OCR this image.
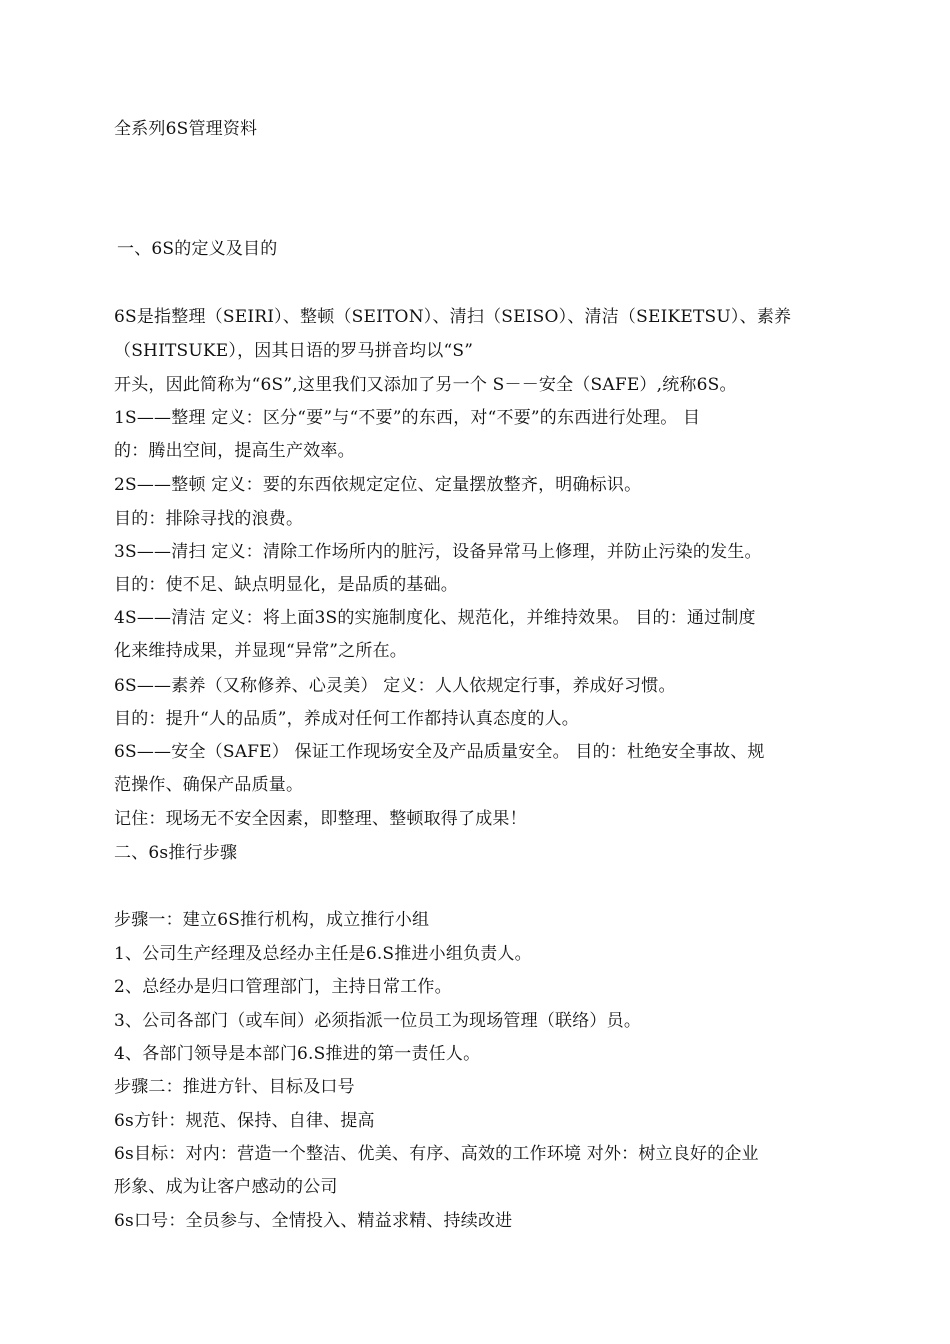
全系列6S管理资料
一、6S的定义及目的
6S是指整理（SEIRI）、整顿（SEITON）、清扫（SEISO）、清洁（SEIKETSU）、素养
（SHITSUKE），因其日语的罗马拼音均以“S”
开头，因此简称为“6S”,这里我们又添加了另一个 S－－安全（SAFE）,统称6S。
1S——整理 定义：区分“要”与“不要”的东西，对“不要”的东西进行处理。 目
的：腾出空间，提高生产效率。
2S——整顿 定义：要的东西依规定定位、定量摆放整齐，明确标识。
目的：排除寻找的浪费。
3S——清扫 定义：清除工作场所内的脏污，设备异常马上修理，并防止污染的发生。
目的：使不足、缺点明显化，是品质的基础。
4S——清洁 定义：将上面3S的实施制度化、规范化，并维持效果。 目的：通过制度
化来维持成果，并显现“异常”之所在。
6S——素养（又称修养、心灵美） 定义：人人依规定行事，养成好习惯。
目的：提升“人的品质”，养成对任何工作都持认真态度的人。
6S——安全（SAFE） 保证工作现场安全及产品质量安全。 目的：杜绝安全事故、规
范操作、确保产品质量。
记住：现场无不安全因素，即整理、整顿取得了成果！
二、6s推行步骤
步骤一：建立6S推行机构，成立推行小组
1、公司生产经理及总经办主任是6.S推进小组负责人。
2、总经办是归口管理部门，主持日常工作。
3、公司各部门（或车间）必须指派一位员工为现场管理（联络）员。
4、各部门领导是本部门6.S推进的第一责任人。
步骤二：推进方针、目标及口号
6s方针：规范、保持、自律、提高
6s目标：对内：营造一个整洁、优美、有序、高效的工作环境 对外：树立良好的企业
形象、成为让客户感动的公司
6s口号：全员参与、全情投入、精益求精、持续改进
